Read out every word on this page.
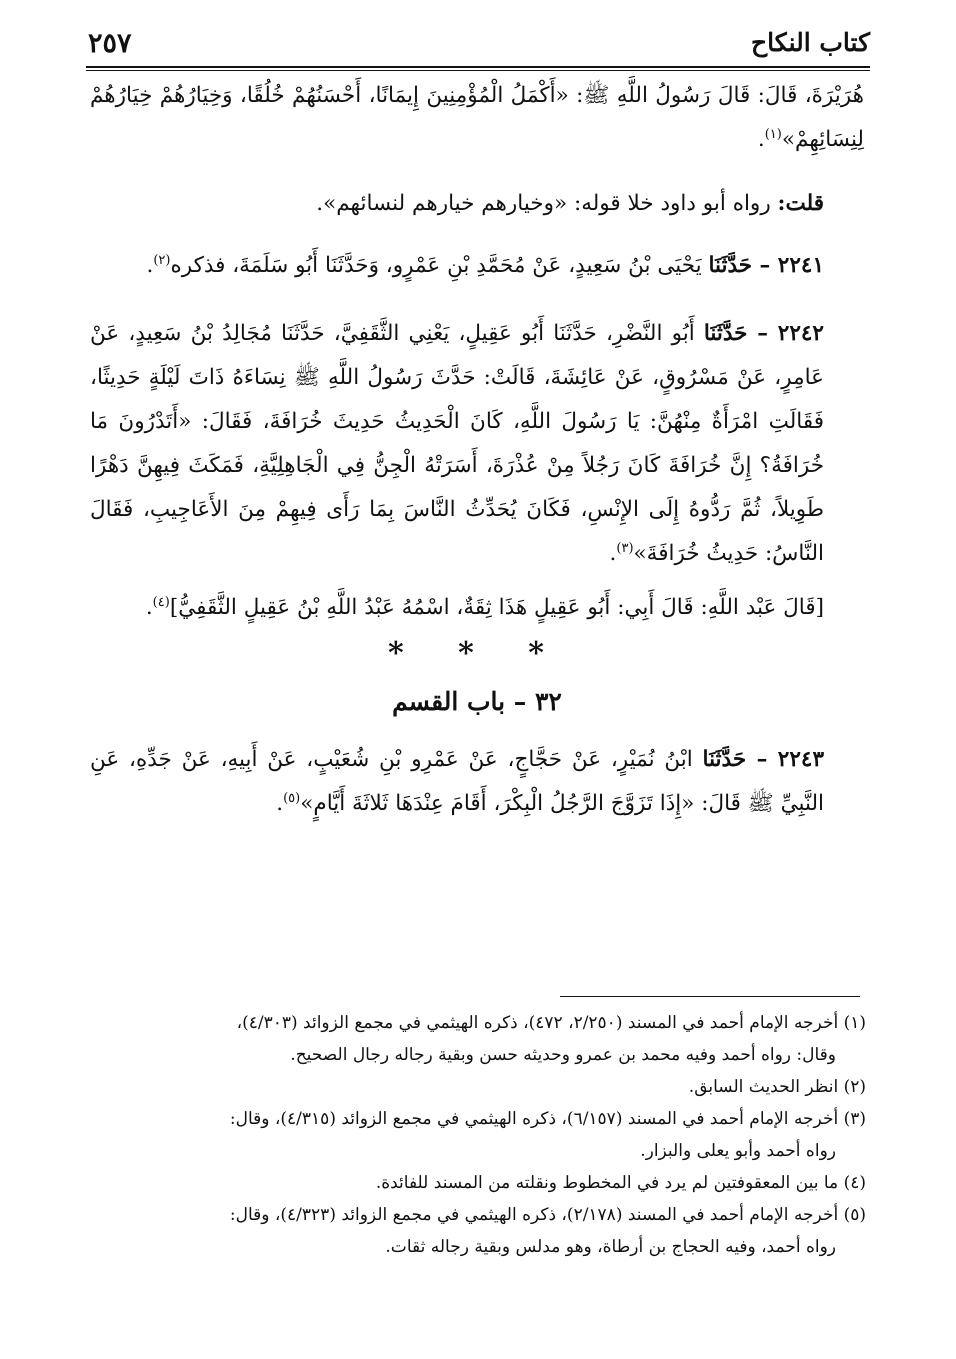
كتاب النكاح
٢٥٧

هُرَيْرَةَ، قَالَ: قَالَ رَسُولُ اللَّهِ ﷺ: «أَكْمَلُ الْمُؤْمِنِينَ إِيمَانًا، أَحْسَنُهُمْ خُلُقًا، وَخِيَارُهُمْ خِيَارُهُمْ لِنِسَائِهِمْ»$^{(١)}$.

قلت: رواه أبو داود خلا قوله: «وخيارهم خيارهم لنسائهم».

٢٢٤١ – حَدَّثَنَا يَحْيَى بْنُ سَعِيدٍ، عَنْ مُحَمَّدِ بْنِ عَمْرٍو، وَحَدَّثَنَا أَبُو سَلَمَةَ، فذكره$^{(٢)}$.

٢٢٤٢ – حَدَّثَنَا أَبُو النَّضْرِ، حَدَّثَنَا أَبُو عَقِيلٍ، يَعْنِي الثَّقَفِيَّ، حَدَّثَنَا مُجَالِدُ بْنُ سَعِيدٍ، عَنْ عَامِرٍ، عَنْ مَسْرُوقٍ، عَنْ عَائِشَةَ، قَالَتْ: حَدَّثَ رَسُولُ اللَّهِ ﷺ نِسَاءَهُ ذَاتَ لَيْلَةٍ حَدِيثًا، فَقَالَتِ امْرَأَةٌ مِنْهُنَّ: يَا رَسُولَ اللَّهِ، كَانَ الْحَدِيثُ حَدِيثَ خُرَافَةَ، فَقَالَ: «أَتَدْرُونَ مَا خُرَافَةُ؟ إِنَّ خُرَافَةَ كَانَ رَجُلاً مِنْ عُذْرَةَ، أَسَرَتْهُ الْجِنُّ فِي الْجَاهِلِيَّةِ، فَمَكَثَ فِيهِنَّ دَهْرًا طَوِيلاً، ثُمَّ رَدُّوهُ إِلَى الإِنْسِ، فَكَانَ يُحَدِّثُ النَّاسَ بِمَا رَأَى فِيهِمْ مِنَ الأَعَاجِيبِ، فَقَالَ النَّاسُ: حَدِيثُ خُرَافَةَ»$^{(٣)}$.

[قَالَ عَبْد اللَّهِ: قَالَ أَبِي: أَبُو عَقِيلٍ هَذَا ثِقَةٌ، اسْمُهُ عَبْدُ اللَّهِ بْنُ عَقِيلٍ الثَّقَفِيُّ]$^{(٤)}$.

* * *
٣٢ – باب القسم

٢٢٤٣ – حَدَّثَنَا ابْنُ نُمَيْرٍ، عَنْ حَجَّاجٍ، عَنْ عَمْرِو بْنِ شُعَيْبٍ، عَنْ أَبِيهِ، عَنْ جَدِّهِ، عَنِ النَّبِيِّ ﷺ قَالَ: «إِذَا تَزَوَّجَ الرَّجُلُ الْبِكْرَ، أَقَامَ عِنْدَهَا ثَلاثَةَ أَيَّامٍ»$^{(٥)}$.

(١) أخرجه الإمام أحمد في المسند (٢/٢٥٠، ٤٧٢)، ذكره الهيثمي في مجمع الزوائد (٤/٣٠٣)،

وقال: رواه أحمد وفيه محمد بن عمرو وحديثه حسن وبقية رجاله رجال الصحيح.

(٢) انظر الحديث السابق.

(٣) أخرجه الإمام أحمد في المسند (٦/١٥٧)، ذكره الهيثمي في مجمع الزوائد (٤/٣١٥)، وقال:

رواه أحمد وأبو يعلى والبزار.

(٤) ما بين المعقوفتين لم يرد في المخطوط ونقلته من المسند للفائدة.

(٥) أخرجه الإمام أحمد في المسند (٢/١٧٨)، ذكره الهيثمي في مجمع الزوائد (٤/٣٢٣)، وقال:

رواه أحمد، وفيه الحجاج بن أرطاة، وهو مدلس وبقية رجاله ثقات.
